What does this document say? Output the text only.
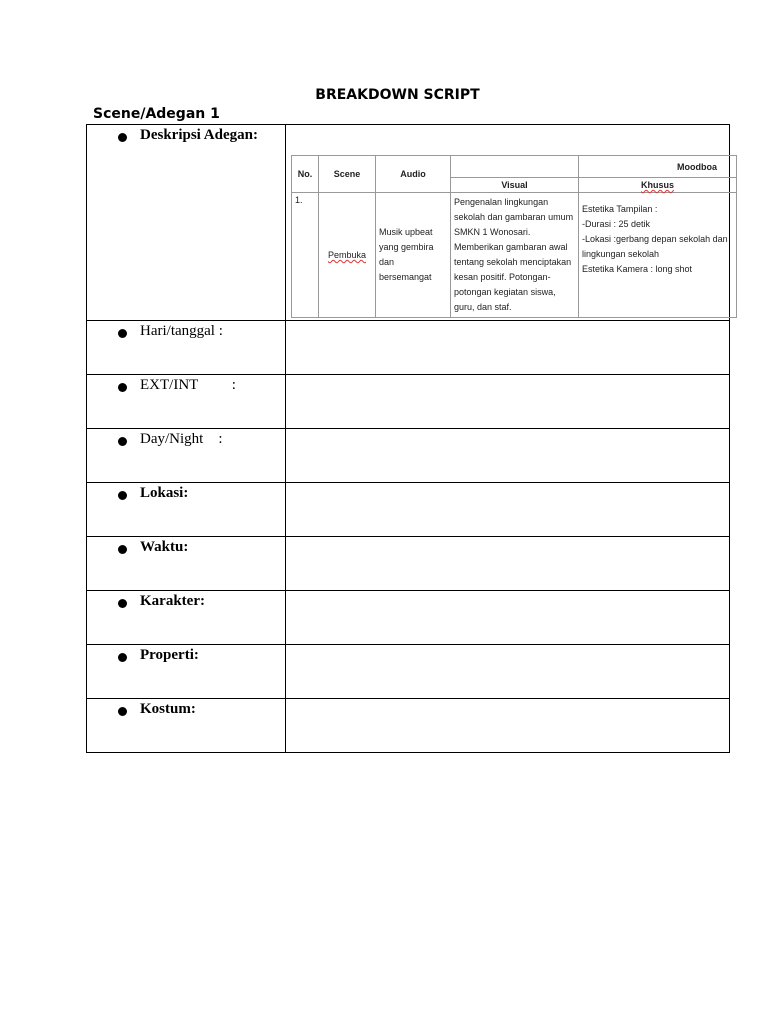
BREAKDOWN SCRIPT
Scene/Adegan 1
Deskripsi Adegan:

No.	Scene	Audio		Moodboa
Visual	Khusus
1.	Pembuka	Musik upbeat yang gembira dan bersemangat	Pengenalan lingkungan sekolah dan gambaran umum SMKN 1 Wonosari. Memberikan gambaran awal tentang sekolah menciptakan kesan positif. Potongan- potongan kegiatan siswa, guru, dan staf.	
Estetika Tampilan :
-Durasi : 25 detik
-Lokasi :gerbang depan sekolah dan lingkungan sekolah
Estetika Kamera : long shot

Hari/tanggal :

EXT/INT         :

Day/Night    :

Lokasi:

Waktu:

Karakter:

Properti:

Kostum:
